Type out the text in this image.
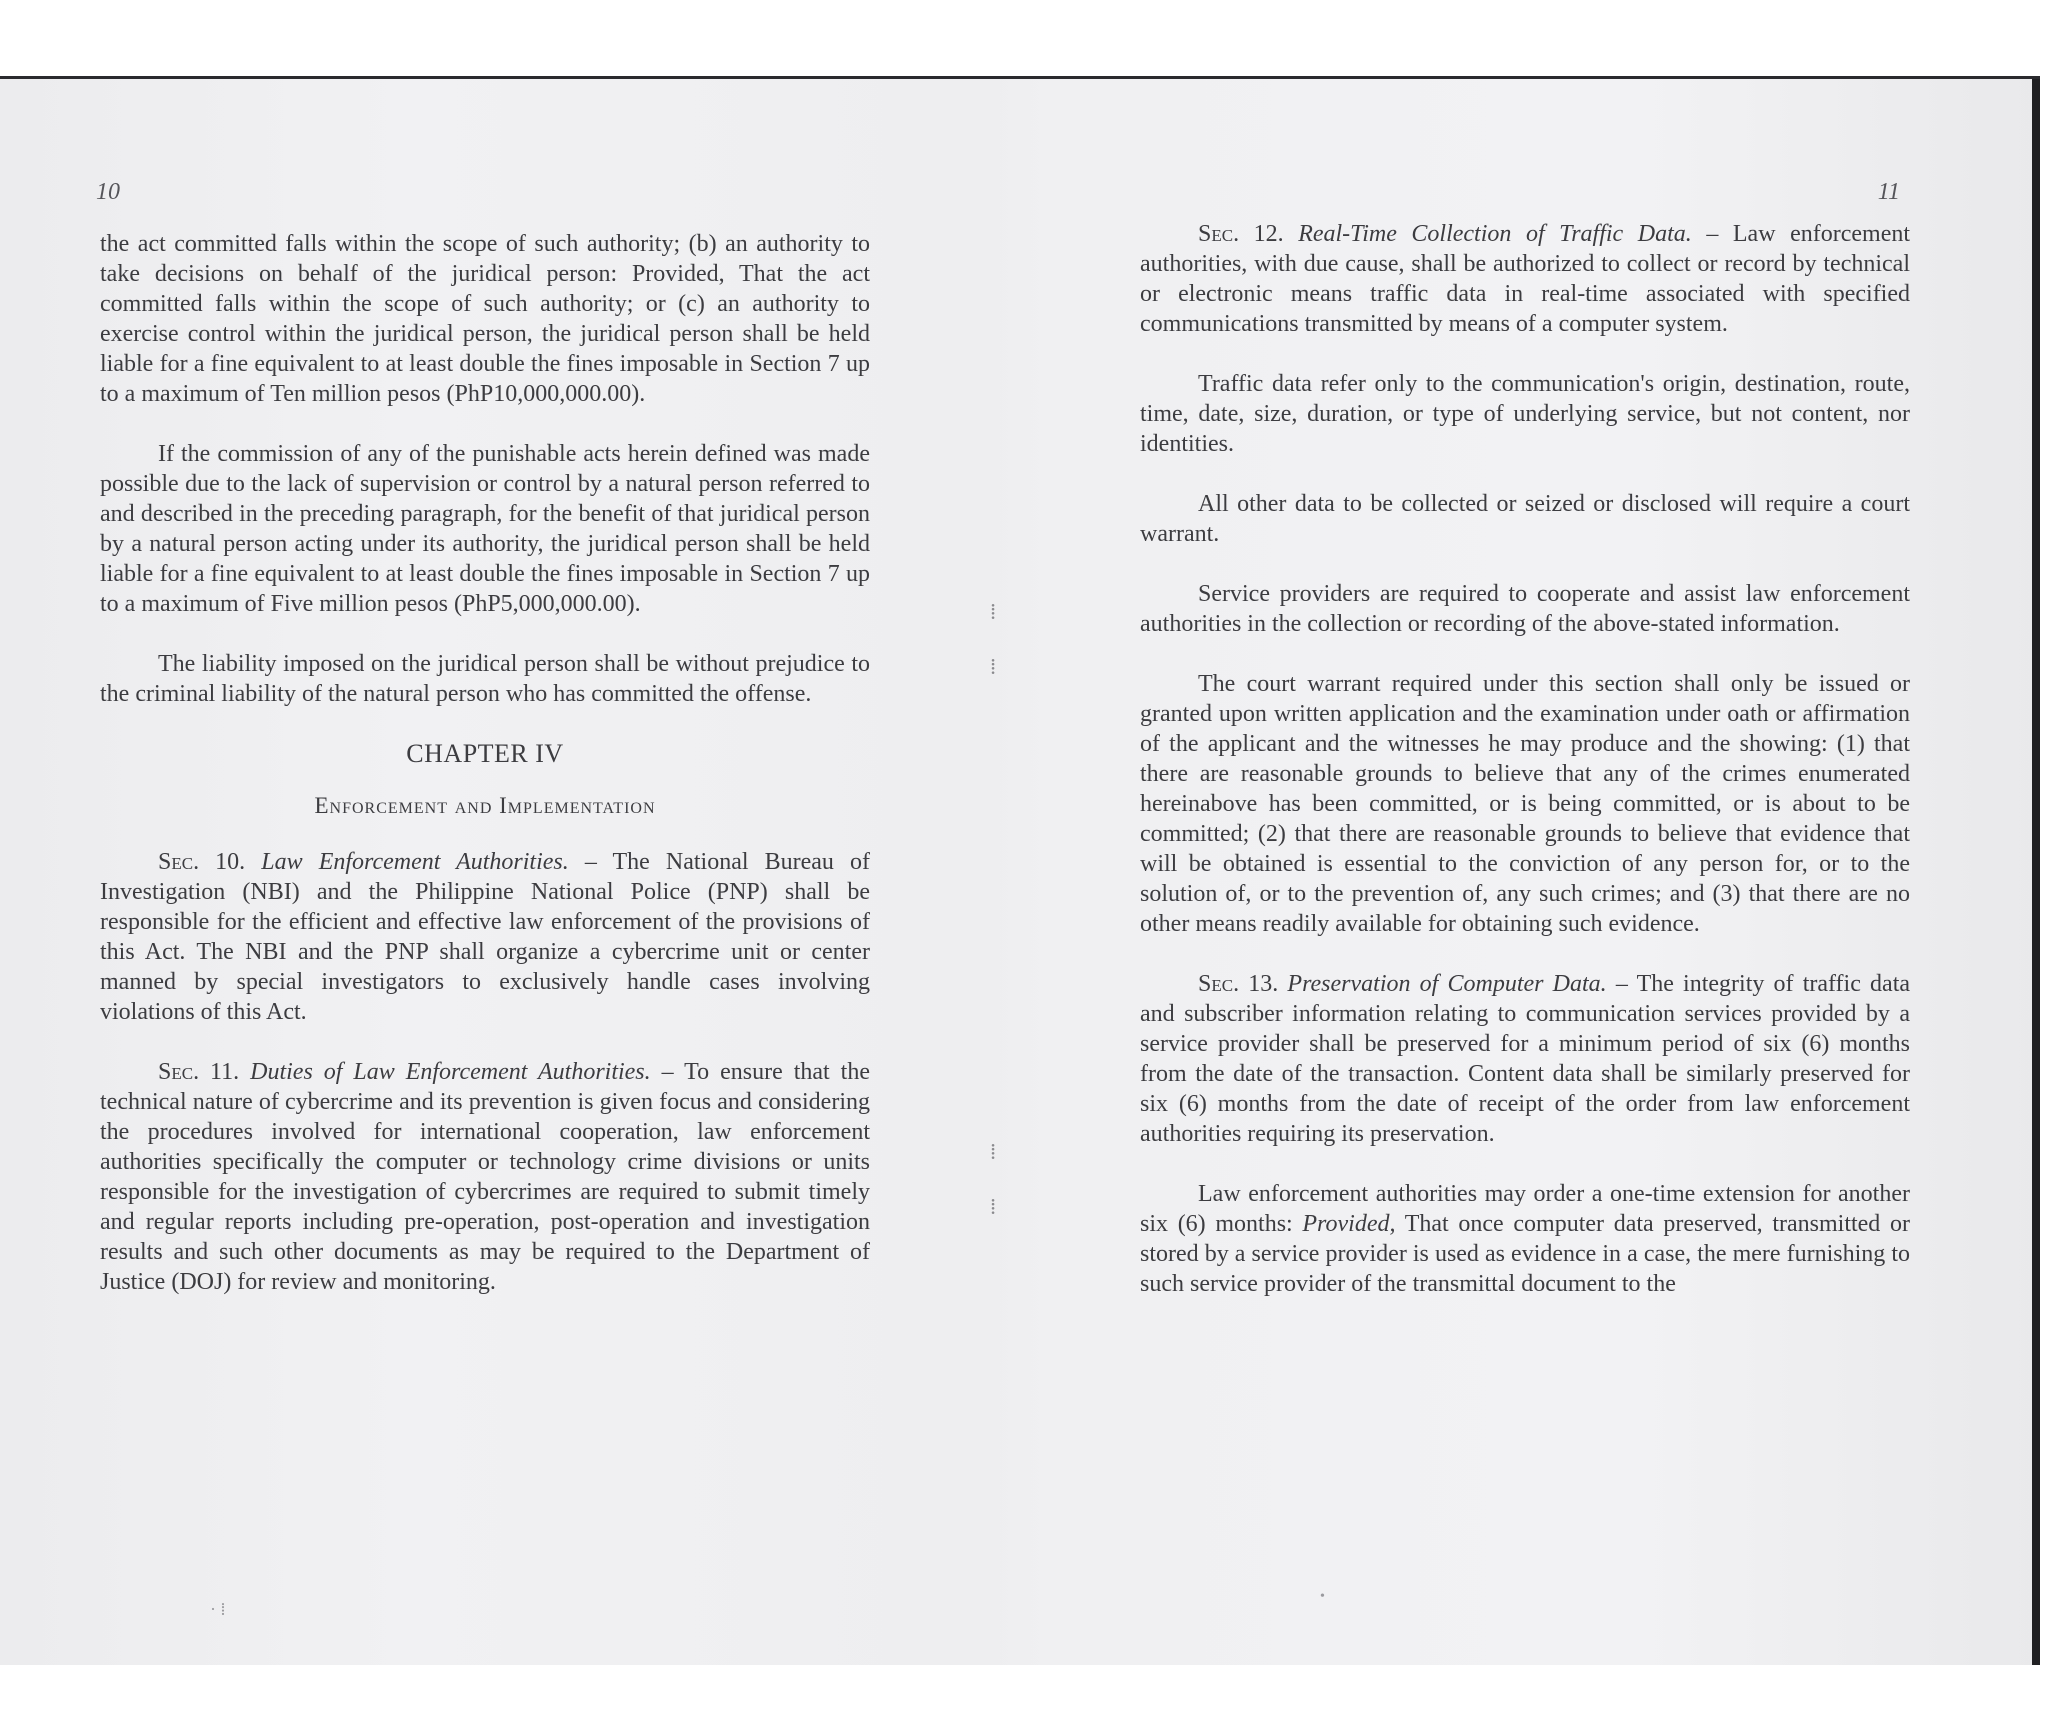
⁞
⁞
⁞
⁞
10

the act committed falls within the scope of such authority; (b) an authority to take decisions on behalf of the juridical person: Provided, That the act committed falls within the scope of such authority; or (c) an authority to exercise control within the juridical person, the juridical person shall be held liable for a fine equivalent to at least double the fines imposable in Section 7 up to a maximum of Ten million pesos (PhP10,000,000.00).

If the commission of any of the punishable acts herein defined was made possible due to the lack of supervision or control by a natural person referred to and described in the preceding paragraph, for the benefit of that juridical person by a natural person acting under its authority, the juridical person shall be held liable for a fine equivalent to at least double the fines imposable in Section 7 up to a maximum of Five million pesos (PhP5,000,000.00).

The liability imposed on the juridical person shall be without prejudice to the criminal liability of the natural person who has committed the offense.

CHAPTER IV
Enforcement and Implementation

Sec. 10. Law Enforcement Authorities. – The National Bureau of Investigation (NBI) and the Philippine National Police (PNP) shall be responsible for the efficient and effective law enforcement of the provisions of this Act. The NBI and the PNP shall organize a cybercrime unit or center manned by special investigators to exclusively handle cases involving violations of this Act.

Sec. 11. Duties of Law Enforcement Authorities. – To ensure that the technical nature of cybercrime and its prevention is given focus and considering the procedures involved for international cooperation, law enforcement authorities specifically the computer or technology crime divisions or units responsible for the investigation of cybercrimes are required to submit timely and regular reports including pre-operation, post-operation and investigation results and such other documents as may be required to the Department of Justice (DOJ) for review and monitoring.

· ⁞
11

Sec. 12. Real-Time Collection of Traffic Data. – Law enforcement authorities, with due cause, shall be authorized to collect or record by technical or electronic means traffic data in real-time associated with specified communications transmitted by means of a computer system.

Traffic data refer only to the communication's origin, destination, route, time, date, size, duration, or type of underlying service, but not content, nor identities.

All other data to be collected or seized or disclosed will require a court warrant.

Service providers are required to cooperate and assist law enforcement authorities in the collection or recording of the above-stated information.

The court warrant required under this section shall only be issued or granted upon written application and the examination under oath or affirmation of the applicant and the witnesses he may produce and the showing: (1) that there are reasonable grounds to believe that any of the crimes enumerated hereinabove has been committed, or is being committed, or is about to be committed; (2) that there are reasonable grounds to believe that evidence that will be obtained is essential to the conviction of any person for, or to the solution of, or to the prevention of, any such crimes; and (3) that there are no other means readily available for obtaining such evidence.

Sec. 13. Preservation of Computer Data. – The integrity of traffic data and subscriber information relating to communication services provided by a service provider shall be preserved for a minimum period of six (6) months from the date of the transaction. Content data shall be similarly preserved for six (6) months from the date of receipt of the order from law enforcement authorities requiring its preservation.

Law enforcement authorities may order a one-time extension for another six (6) months: Provided, That once computer data preserved, transmitted or stored by a service provider is used as evidence in a case, the mere furnishing to such service provider of the transmittal document to the

•
